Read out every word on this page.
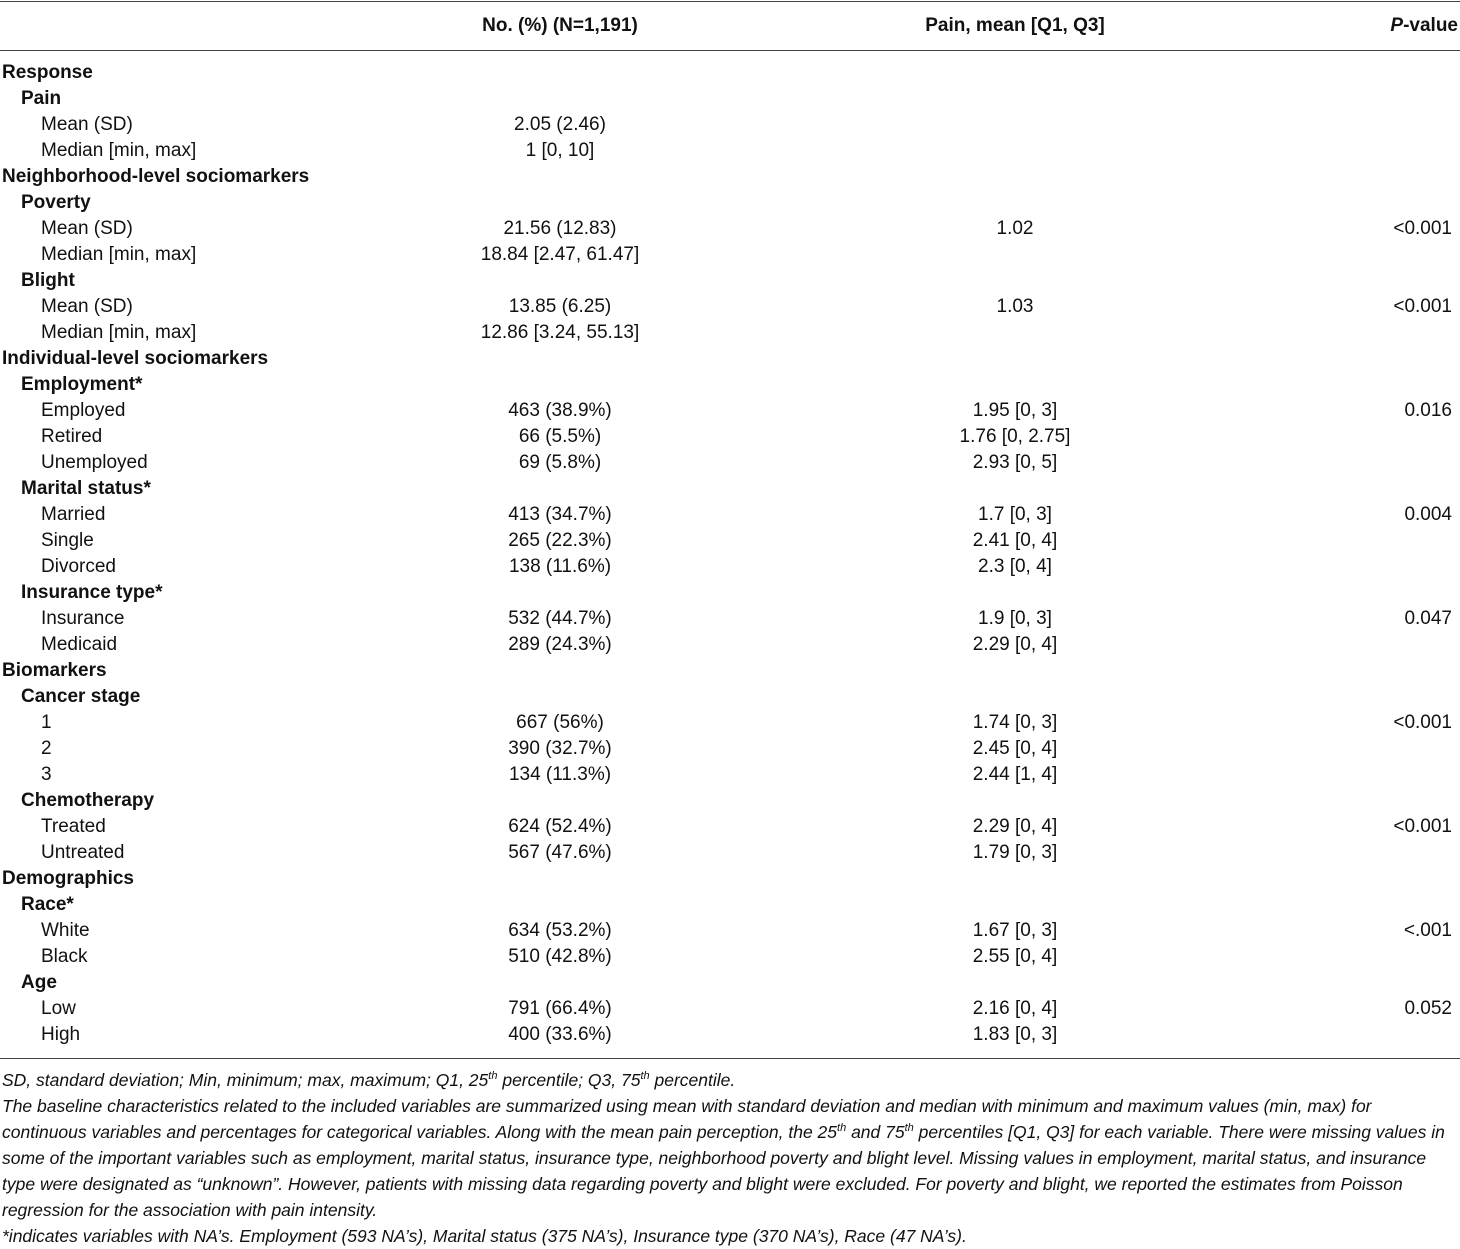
No. (%) (N=1,191)	Pain, mean [Q1, Q3]	P-value
Response
Pain
Mean (SD)	2.05 (2.46)
Median [min, max]	1 [0, 10]
Neighborhood-level sociomarkers
Poverty
Mean (SD)	21.56 (12.83)	1.02	<0.001
Median [min, max]	18.84 [2.47, 61.47]
Blight
Mean (SD)	13.85 (6.25)	1.03	<0.001
Median [min, max]	12.86 [3.24, 55.13]
Individual-level sociomarkers
Employment*
Employed	463 (38.9%)	1.95 [0, 3]	0.016
Retired	66 (5.5%)	1.76 [0, 2.75]
Unemployed	69 (5.8%)	2.93 [0, 5]
Marital status*
Married	413 (34.7%)	1.7 [0, 3]	0.004
Single	265 (22.3%)	2.41 [0, 4]
Divorced	138 (11.6%)	2.3 [0, 4]
Insurance type*
Insurance	532 (44.7%)	1.9 [0, 3]	0.047
Medicaid	289 (24.3%)	2.29 [0, 4]
Biomarkers
Cancer stage
1	667 (56%)	1.74 [0, 3]	<0.001
2	390 (32.7%)	2.45 [0, 4]
3	134 (11.3%)	2.44 [1, 4]
Chemotherapy
Treated	624 (52.4%)	2.29 [0, 4]	<0.001
Untreated	567 (47.6%)	1.79 [0, 3]
Demographics
Race*
White	634 (53.2%)	1.67 [0, 3]	<.001
Black	510 (42.8%)	2.55 [0, 4]
Age
Low	791 (66.4%)	2.16 [0, 4]	0.052
High	400 (33.6%)	1.83 [0, 3]

SD, standard deviation; Min, minimum; max, maximum; Q1, 25th percentile; Q3, 75th percentile.

The baseline characteristics related to the included variables are summarized using mean with standard deviation and median with minimum and maximum values (min, max) for continuous variables and percentages for categorical variables. Along with the mean pain perception, the 25th and 75th percentiles [Q1, Q3] for each variable. There were missing values in some of the important variables such as employment, marital status, insurance type, neighborhood poverty and blight level. Missing values in employment, marital status, and insurance type were designated as “unknown”. However, patients with missing data regarding poverty and blight were excluded. For poverty and blight, we reported the estimates from Poisson regression for the association with pain intensity.

*indicates variables with NA’s. Employment (593 NA’s), Marital status (375 NA’s), Insurance type (370 NA’s), Race (47 NA’s).
